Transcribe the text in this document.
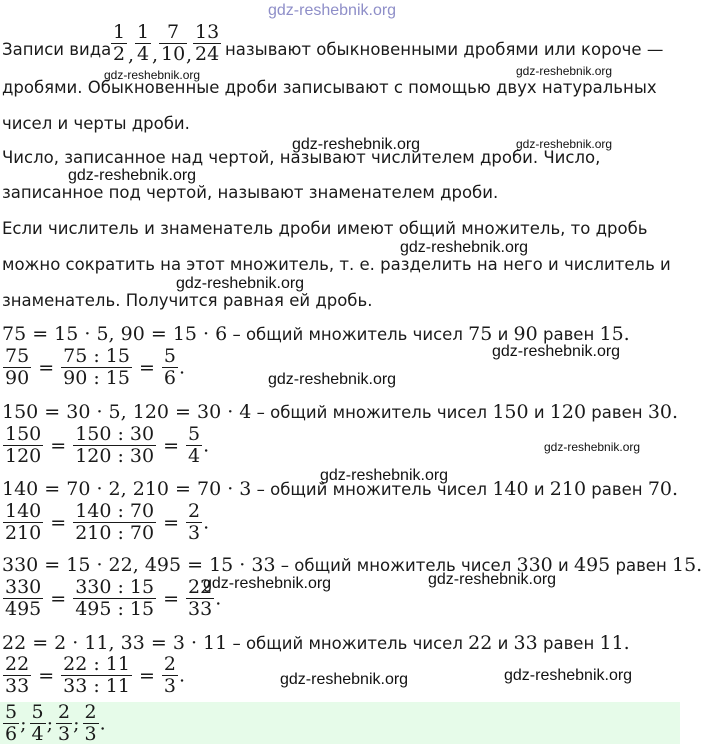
gdz-reshebnik.org
Записи вида $\frac{1}{2}$ , $\frac{1}{4}$ , $\frac{7}{10}$
, $\frac{13}{24}$ называют обыкновенными дробями или короче —
дробями. Обыкновенные дроби записывают с помощью двух натуральных
чисел и черты дроби.
Число, записанное над чертой, называют числителем дроби. Число,
записанное под чертой, называют знаменателем дроби.
Если числитель и знаменатель дроби имеют общий множитель, то дробь
можно сократить на этот множитель, т. е. разделить на него и числитель и
знаменатель. Получится равная ей дробь.
75 = 15 · 5, 90 = 15 · 6 – общий множитель чисел 75 и 90 равен 15.
$\frac{75}{90} = \frac{75 : 15}{90 : 15} = \frac{5}{6}$ .
150 = 30 · 5, 120 = 30 · 4 – общий множитель чисел 150 и 120 равен 30.
$\frac{150}{120} = \frac{150 : 30}{120 : 30} = \frac{5}{4}$ .
140 = 70 · 2, 210 = 70 · 3 – общий множитель чисел 140 и 210 равен 70.
$\frac{140}{210} = \frac{140 : 70}{210 : 70} = \frac{2}{3}$ .
330 = 15 · 22, 495 = 15 · 33 – общий множитель чисел 330 и 495 равен 15.
$\frac{330}{495} = \frac{330 : 15}{495 : 15} = \frac{22}{33}$ .
22 = 2 · 11, 33 = 3 · 11 – общий множитель чисел 22 и 33 равен 11.
$\frac{22}{33} = \frac{22 : 11}{33 : 11} = \frac{2}{3}$ .
$\frac{5}{6}$ ; $\frac{5}{4}$ ; $\frac{2}{3}$ ; $\frac{2}{3}$ .
gdz-reshebnik.org	gdz-reshebnik.org
gdz-reshebnik.org	gdz-reshebnik.org
gdz-reshebnik.org
gdz-reshebnik.org
gdz-reshebnik.org
gdz-reshebnik.org
gdz-reshebnik.org
gdz-reshebnik.org
gdz-reshebnik.org
gdz-reshebnik.org	gdz-reshebnik.org
gdz-reshebnik.org	gdz-reshebnik.org
